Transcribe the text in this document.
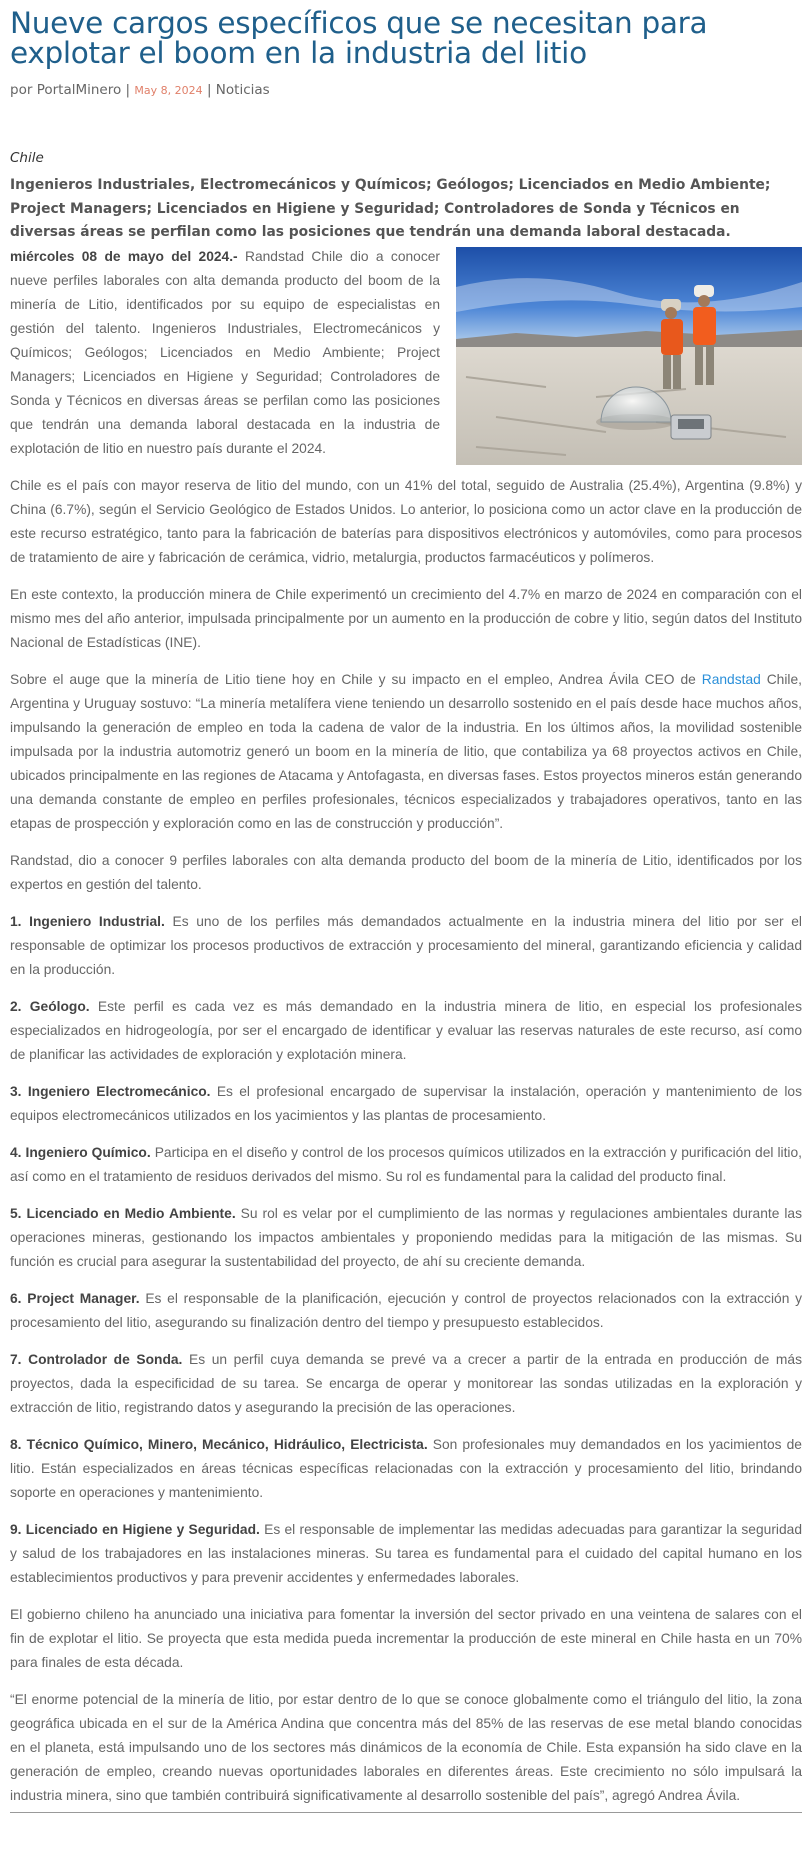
Nueve cargos específicos que se necesitan para explotar el boom en la industria del litio
por PortalMinero | May 8, 2024 | Noticias
Chile
Ingenieros Industriales, Electromecánicos y Químicos; Geólogos; Licenciados en Medio Ambiente; Project Managers; Licenciados en Higiene y Seguridad; Controladores de Sonda y Técnicos en diversas áreas se perfilan como las posiciones que tendrán una demanda laboral destacada.

miércoles 08 de mayo del 2024.- Randstad Chile dio a conocer nueve perfiles laborales con alta demanda producto del boom de la minería de Litio, identificados por su equipo de especialistas en gestión del talento. Ingenieros Industriales, Electromecánicos y Químicos; Geólogos; Licenciados en Medio Ambiente; Project Managers; Licenciados en Higiene y Seguridad; Controladores de Sonda y Técnicos en diversas áreas se perfilan como las posiciones que tendrán una demanda laboral destacada en la industria de explotación de litio en nuestro país durante el 2024.

Chile es el país con mayor reserva de litio del mundo, con un 41% del total, seguido de Australia (25.4%), Argentina (9.8%) y China (6.7%), según el Servicio Geológico de Estados Unidos. Lo anterior, lo posiciona como un actor clave en la producción de este recurso estratégico, tanto para la fabricación de baterías para dispositivos electrónicos y automóviles, como para procesos de tratamiento de aire y fabricación de cerámica, vidrio, metalurgia, productos farmacéuticos y polímeros.

En este contexto, la producción minera de Chile experimentó un crecimiento del 4.7% en marzo de 2024 en comparación con el mismo mes del año anterior, impulsada principalmente por un aumento en la producción de cobre y litio, según datos del Instituto Nacional de Estadísticas (INE).

Sobre el auge que la minería de Litio tiene hoy en Chile y su impacto en el empleo, Andrea Ávila CEO de Randstad Chile, Argentina y Uruguay sostuvo: “La minería metalífera viene teniendo un desarrollo sostenido en el país desde hace muchos años, impulsando la generación de empleo en toda la cadena de valor de la industria. En los últimos años, la movilidad sostenible impulsada por la industria automotriz generó un boom en la minería de litio, que contabiliza ya 68 proyectos activos en Chile, ubicados principalmente en las regiones de Atacama y Antofagasta, en diversas fases. Estos proyectos mineros están generando una demanda constante de empleo en perfiles profesionales, técnicos especializados y trabajadores operativos, tanto en las etapas de prospección y exploración como en las de construcción y producción”.

Randstad, dio a conocer 9 perfiles laborales con alta demanda producto del boom de la minería de Litio, identificados por los expertos en gestión del talento.

1. Ingeniero Industrial. Es uno de los perfiles más demandados actualmente en la industria minera del litio por ser el responsable de optimizar los procesos productivos de extracción y procesamiento del mineral, garantizando eficiencia y calidad en la producción.

2. Geólogo. Este perfil es cada vez es más demandado en la industria minera de litio, en especial los profesionales especializados en hidrogeología, por ser el encargado de identificar y evaluar las reservas naturales de este recurso, así como de planificar las actividades de exploración y explotación minera.

3. Ingeniero Electromecánico. Es el profesional encargado de supervisar la instalación, operación y mantenimiento de los equipos electromecánicos utilizados en los yacimientos y las plantas de procesamiento.

4. Ingeniero Químico. Participa en el diseño y control de los procesos químicos utilizados en la extracción y purificación del litio, así como en el tratamiento de residuos derivados del mismo. Su rol es fundamental para la calidad del producto final.

5. Licenciado en Medio Ambiente. Su rol es velar por el cumplimiento de las normas y regulaciones ambientales durante las operaciones mineras, gestionando los impactos ambientales y proponiendo medidas para la mitigación de las mismas. Su función es crucial para asegurar la sustentabilidad del proyecto, de ahí su creciente demanda.

6. Project Manager. Es el responsable de la planificación, ejecución y control de proyectos relacionados con la extracción y procesamiento del litio, asegurando su finalización dentro del tiempo y presupuesto establecidos.

7. Controlador de Sonda. Es un perfil cuya demanda se prevé va a crecer a partir de la entrada en producción de más proyectos, dada la especificidad de su tarea. Se encarga de operar y monitorear las sondas utilizadas en la exploración y extracción de litio, registrando datos y asegurando la precisión de las operaciones.

8. Técnico Químico, Minero, Mecánico, Hidráulico, Electricista. Son profesionales muy demandados en los yacimientos de litio. Están especializados en áreas técnicas específicas relacionadas con la extracción y procesamiento del litio, brindando soporte en operaciones y mantenimiento.

9. Licenciado en Higiene y Seguridad. Es el responsable de implementar las medidas adecuadas para garantizar la seguridad y salud de los trabajadores en las instalaciones mineras. Su tarea es fundamental para el cuidado del capital humano en los establecimientos productivos y para prevenir accidentes y enfermedades laborales.

El gobierno chileno ha anunciado una iniciativa para fomentar la inversión del sector privado en una veintena de salares con el fin de explotar el litio. Se proyecta que esta medida pueda incrementar la producción de este mineral en Chile hasta en un 70% para finales de esta década.

“El enorme potencial de la minería de litio, por estar dentro de lo que se conoce globalmente como el triángulo del litio, la zona geográfica ubicada en el sur de la América Andina que concentra más del 85% de las reservas de ese metal blando conocidas en el planeta, está impulsando uno de los sectores más dinámicos de la economía de Chile. Esta expansión ha sido clave en la generación de empleo, creando nuevas oportunidades laborales en diferentes áreas. Este crecimiento no sólo impulsará la industria minera, sino que también contribuirá significativamente al desarrollo sostenible del país”, agregó Andrea Ávila.
